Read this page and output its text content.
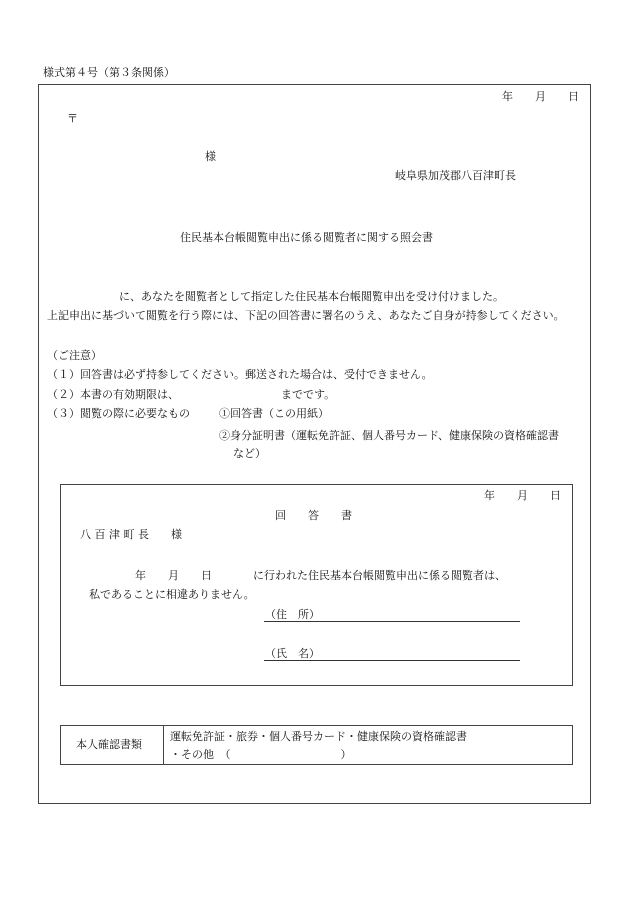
様式第４号（第３条関係）
年　　月　　日
〒
様
岐阜県加茂郡八百津町長
住民基本台帳閲覧申出に係る閲覧者に関する照会書
に、あなたを閲覧者として指定した住民基本台帳閲覧申出を受け付けました。
上記申出に基づいて閲覧を行う際には、下記の回答書に署名のうえ、あなたご自身が持参してください。
（ご注意）
（１）回答書は必ず持参してください。郵送された場合は、受付できません。
（２）本書の有効期限は、	までです。
（３）閲覧の際に必要なもの	①回答書（この用紙）
②身分証明書（運転免許証、個人番号カード、健康保険の資格確認書
など）
年　　月　　日
回　　答　　書
八 百 津 町 長　　様
年　　月　　日	に行われた住民基本台帳閲覧申出に係る閲覧者は、
私であることに相違ありません。
（住　所）
（氏　名）
本人確認書類
運転免許証・旅券・個人番号カード・健康保険の資格確認書
・その他　（　　　　　　　　　　）
